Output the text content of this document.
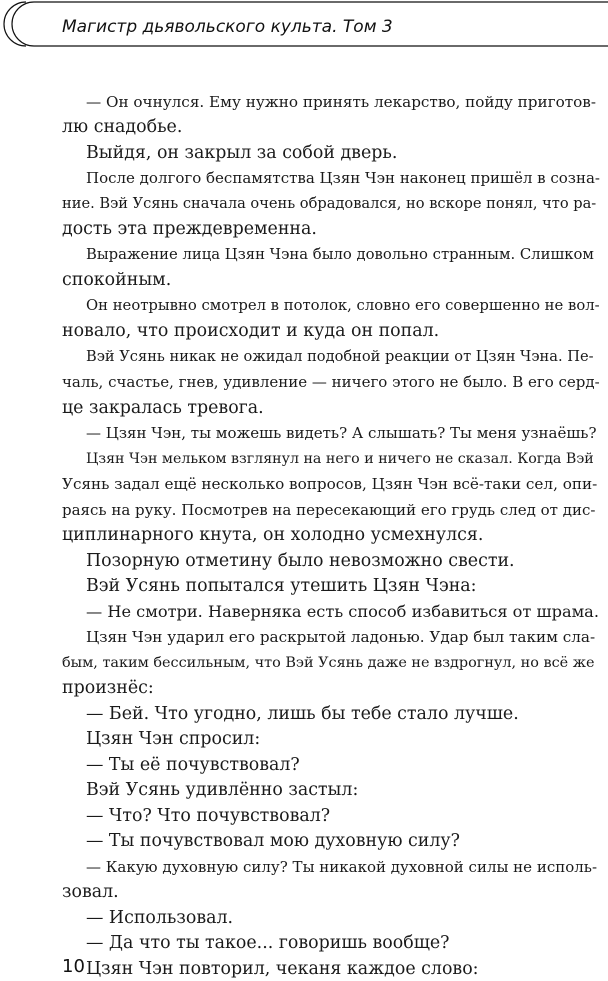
Магистр дьявольского культа. Том 3
— Он очнулся. Ему нужно принять лекарство, пойду приготов-
лю снадобье.
Выйдя, он закрыл за собой дверь.
После долгого беспамятства Цзян Чэн наконец пришёл в созна-
ние. Вэй Усянь сначала очень обрадовался, но вскоре понял, что ра-
дость эта преждевременна.
Выражение лица Цзян Чэна было довольно странным. Слишком
спокойным.
Он неотрывно смотрел в потолок, словно его совершенно не вол-
новало, что происходит и куда он попал.
Вэй Усянь никак не ожидал подобной реакции от Цзян Чэна. Пе-
чаль, счастье, гнев, удивление — ничего этого не было. В его серд-
це закралась тревога.
— Цзян Чэн, ты можешь видеть? А слышать? Ты меня узнаёшь?
Цзян Чэн мельком взглянул на него и ничего не сказал. Когда Вэй
Усянь задал ещё несколько вопросов, Цзян Чэн всё-таки сел, опи-
раясь на руку. Посмотрев на пересекающий его грудь след от дис-
циплинарного кнута, он холодно усмехнулся.
Позорную отметину было невозможно свести.
Вэй Усянь попытался утешить Цзян Чэна:
— Не смотри. Наверняка есть способ избавиться от шрама.
Цзян Чэн ударил его раскрытой ладонью. Удар был таким сла-
бым, таким бессильным, что Вэй Усянь даже не вздрогнул, но всё же
произнёс:
— Бей. Что угодно, лишь бы тебе стало лучше.
Цзян Чэн спросил:
— Ты её почувствовал?
Вэй Усянь удивлённо застыл:
— Что? Что почувствовал?
— Ты почувствовал мою духовную силу?
— Какую духовную силу? Ты никакой духовной силы не исполь-
зовал.
— Использовал.
— Да что ты такое... говоришь вообще?
Цзян Чэн повторил, чеканя каждое слово:
10
